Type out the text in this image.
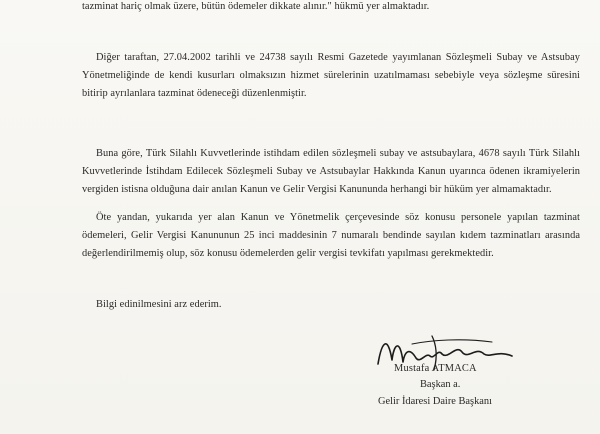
tazminat hariç olmak üzere, bütün ödemeler dikkate alınır." hükmü yer almaktadır.

Diğer taraftan, 27.04.2002 tarihli ve 24738 sayılı Resmi Gazetede yayımlanan Sözleşmeli Subay ve Astsubay Yönetmeliğinde de kendi kusurları olmaksızın hizmet sürelerinin uzatılmaması sebebiyle veya sözleşme süresini bitirip ayrılanlara tazminat ödeneceği düzenlenmiştir.

Buna göre, Türk Silahlı Kuvvetlerinde istihdam edilen sözleşmeli subay ve astsubaylara, 4678 sayılı Türk Silahlı Kuvvetlerinde İstihdam Edilecek Sözleşmeli Subay ve Astsubaylar Hakkında Kanun uyarınca ödenen ikramiyelerin vergiden istisna olduğuna dair anılan Kanun ve Gelir Vergisi Kanununda herhangi bir hüküm yer almamaktadır.

Öte yandan, yukarıda yer alan Kanun ve Yönetmelik çerçevesinde söz konusu personele yapılan tazminat ödemeleri, Gelir Vergisi Kanununun 25 inci maddesinin 7 numaralı bendinde sayılan kıdem tazminatları arasında değerlendirilmemiş olup, söz konusu ödemelerden gelir vergisi tevkifatı yapılması gerekmektedir.

Bilgi edinilmesini arz ederim.

Mustafa ATMACA
Başkan a.
Gelir İdaresi Daire Başkanı
